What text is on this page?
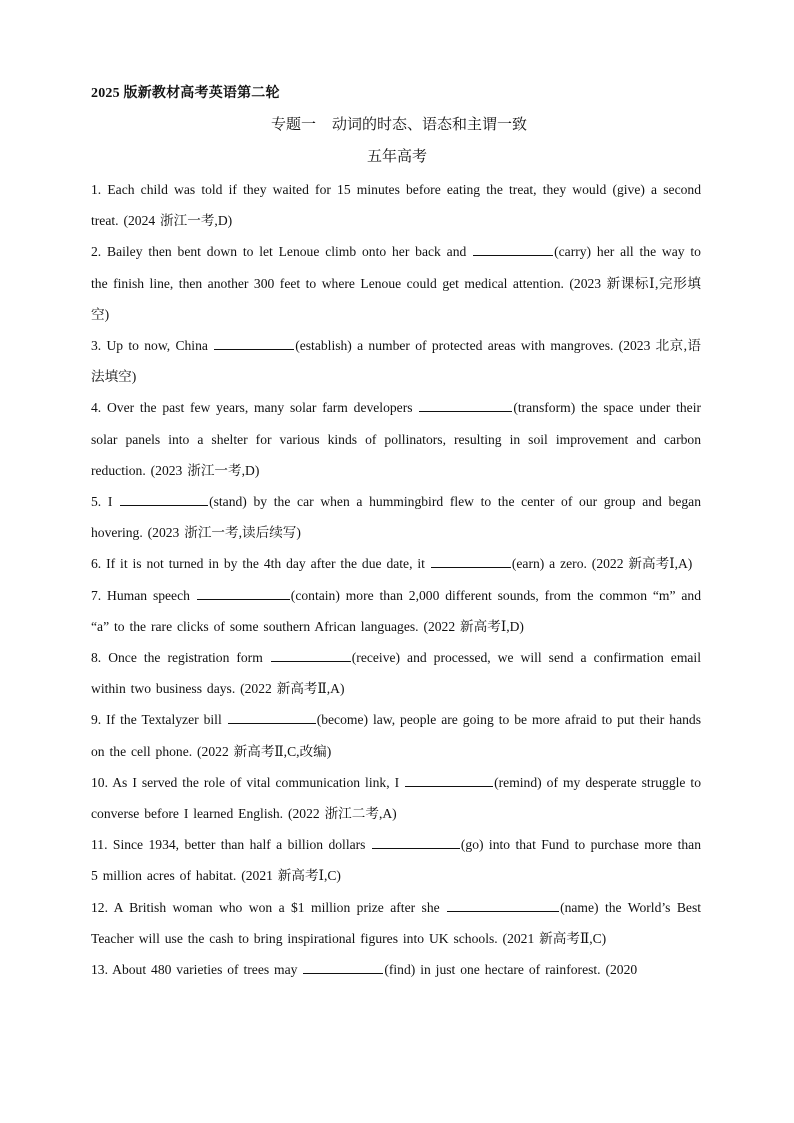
2025 版新教材高考英语第二轮
专题一 动词的时态、语态和主谓一致
五年高考

1. Each child was told if they waited for 15 minutes before eating the treat, they would (give) a second treat. (2024 浙江一考,D)

2. Bailey then bent down to let Lenoue climb onto her back and	(carry) her all the way to the finish line, then another 300 feet to where Lenoue could get medical attention. (2023 新课标Ⅰ,完形填空)

3. Up to now, China	(establish) a number of protected areas with mangroves. (2023 北京,语法填空)

4. Over the past few years, many solar farm developers	(transform) the space under their solar panels into a shelter for various kinds of pollinators, resulting in soil improvement and carbon reduction. (2023 浙江一考,D)

5. I	(stand) by the car when a hummingbird flew to the center of our group and began hovering. (2023 浙江一考,读后续写)

6. If it is not turned in by the 4th day after the due date, it	(earn) a zero. (2022 新高考Ⅰ,A)

7. Human speech	(contain) more than 2,000 different sounds, from the common “m” and “a” to the rare clicks of some southern African languages. (2022 新高考Ⅰ,D)

8. Once the registration form	(receive) and processed, we will send a confirmation email within two business days. (2022 新高考Ⅱ,A)

9. If the Textalyzer bill	(become) law, people are going to be more afraid to put their hands on the cell phone. (2022 新高考Ⅱ,C,改编)

10. As I served the role of vital communication link, I	(remind) of my desperate struggle to converse before I learned English. (2022 浙江二考,A)

11. Since 1934, better than half a billion dollars	(go) into that Fund to purchase more than 5 million acres of habitat. (2021 新高考Ⅰ,C)

12. A British woman who won a $1 million prize after she	(name) the World’s Best Teacher will use the cash to bring inspirational figures into UK schools. (2021 新高考Ⅱ,C)

13. About 480 varieties of trees may	(find) in just one hectare of rainforest. (2020
